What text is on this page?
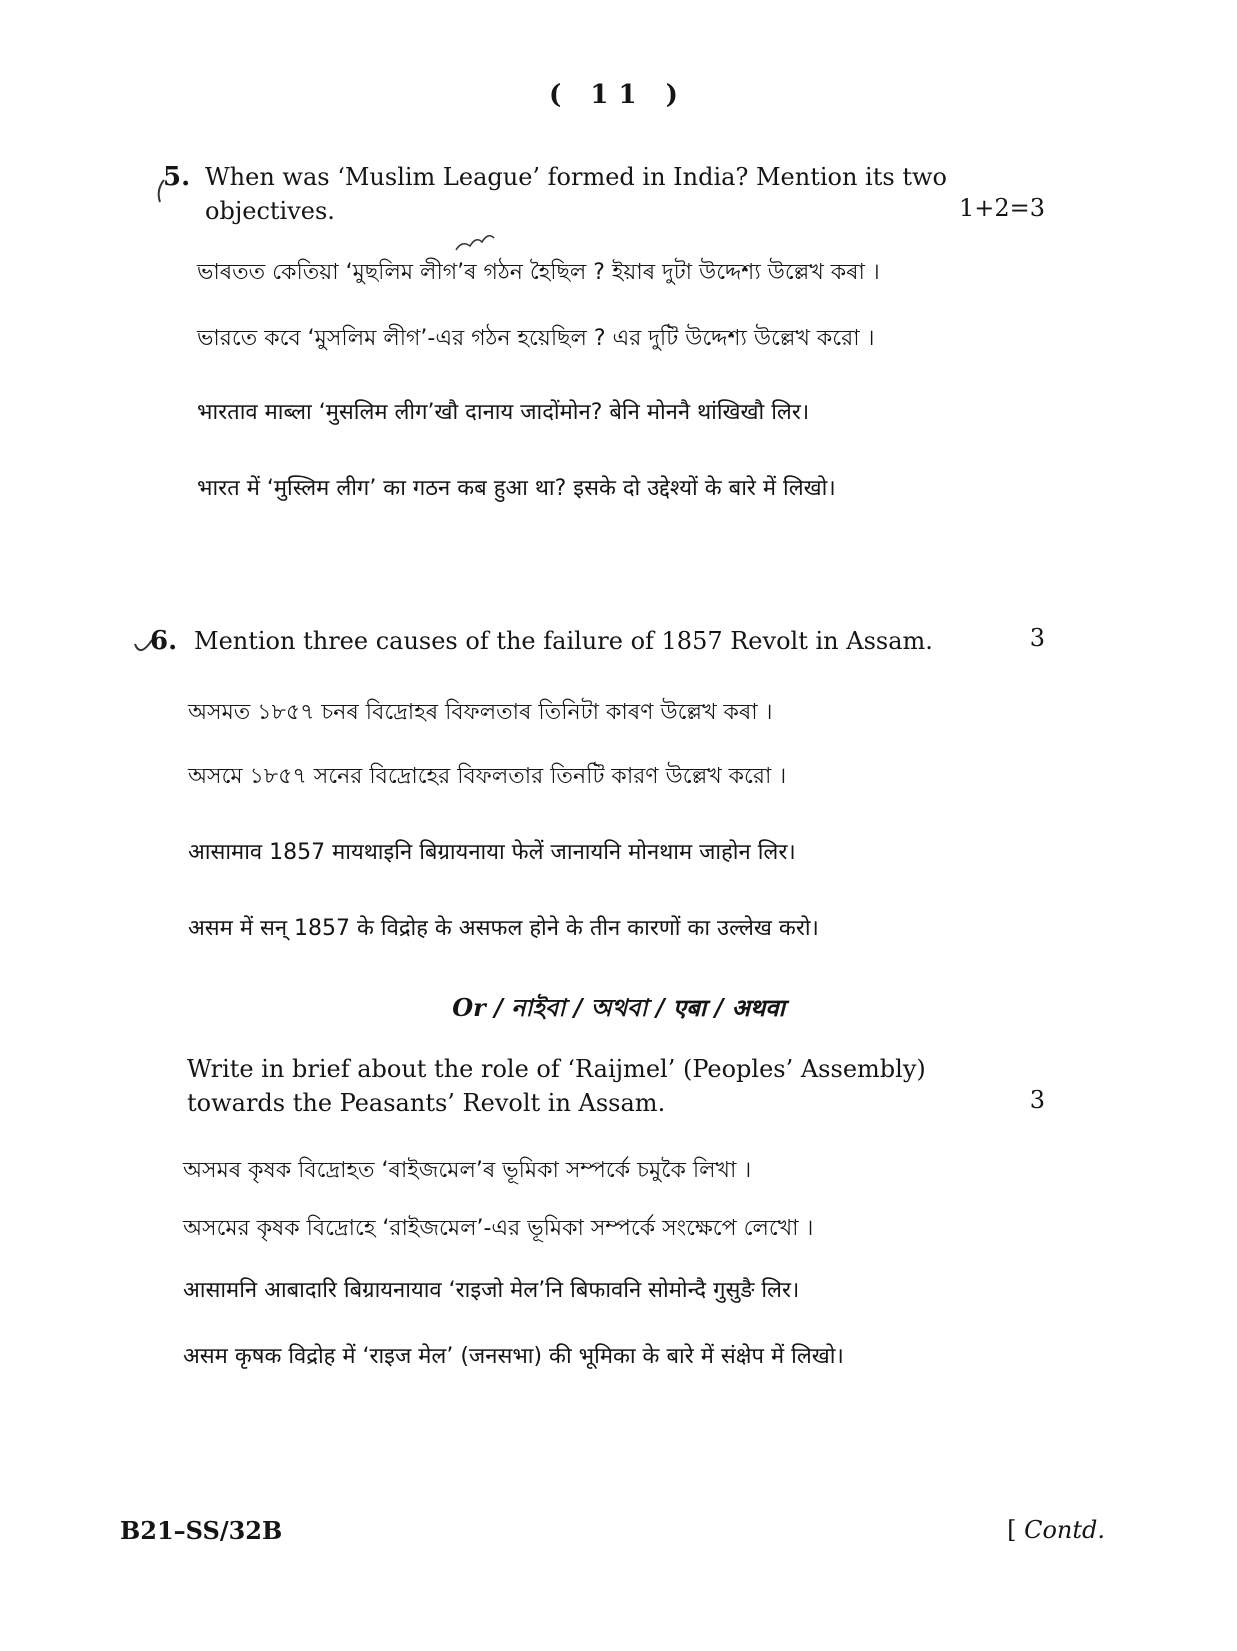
( 11 )
5. When was ‘Muslim League’ formed in India? Mention its two
objectives.	1+2=3
ভাৰতত কেতিয়া ‘মুছলিম লীগ’ৰ গঠন হৈছিল ? ইয়াৰ দুটা উদ্দেশ্য উল্লেখ কৰা ।
ভারতে কবে ‘মুসলিম লীগ’-এর গঠন হয়েছিল ? এর দুটি উদ্দেশ্য উল্লেখ করো ।
भारताव माब्ला ‘मुसलिम लीग’खौ दानाय जादोंमोन? बेनि मोननै थांखिखौ लिर।
भारत में ‘मुस्लिम लीग’ का गठन कब हुआ था? इसके दो उद्देश्यों के बारे में लिखो।
6. Mention three causes of the failure of 1857 Revolt in Assam.	3
অসমত ১৮৫৭ চনৰ বিদ্ৰোহৰ বিফলতাৰ তিনিটা কাৰণ উল্লেখ কৰা ।
অসমে ১৮৫৭ সনের বিদ্রোহের বিফলতার তিনটি কারণ উল্লেখ করো ।
आसामाव 1857 मायथाइनि बिग्रायनाया फेलें जानायनि मोनथाम जाहोन लिर।
असम में सन् 1857 के विद्रोह के असफल होने के तीन कारणों का उल्लेख करो।
Or / নাইবা / অথবা / एबा / अथवा
Write in brief about the role of ‘Raijmel’ (Peoples’ Assembly)
towards the Peasants’ Revolt in Assam.	3
অসমৰ কৃষক বিদ্ৰোহত ‘ৰাইজমেল’ৰ ভূমিকা সম্পৰ্কে চমুকৈ লিখা ।
অসমের কৃষক বিদ্রোহে ‘রাইজমেল’-এর ভূমিকা সম্পর্কে সংক্ষেপে লেখো ।
आसामनि आबादारि बिग्रायनायाव ‘राइजो मेल’नि बिफावनि सोमोन्दै गुसुङै लिर।
असम कृषक विद्रोह में ‘राइज मेल’ (जनसभा) की भूमिका के बारे में संक्षेप में लिखो।
B21–SS/32B	[ Contd.
